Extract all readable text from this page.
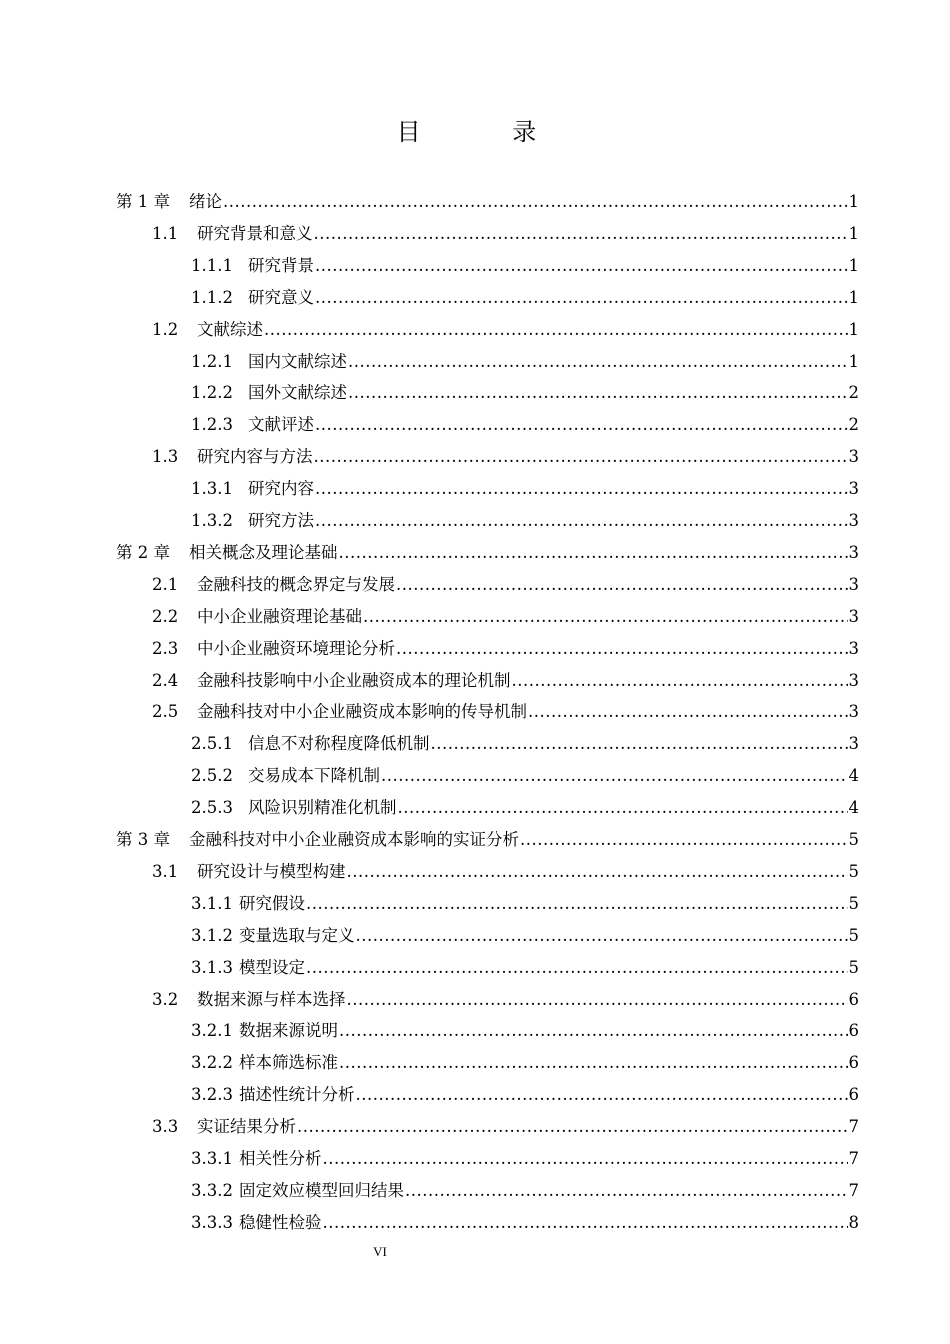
目 录
第 1 章	绪论 .....	1
1.1	研究背景和意义 .....	1
1.1.1 研究背景 .....	1
1.1.2 研究意义 .....	1
1.2	文献综述 .....	1
1.2.1 国内文献综述 .....	1
1.2.2 国外文献综述 .....	2
1.2.3 文献评述 .....	2
1.3	研究内容与方法 .....	3
1.3.1 研究内容 .....	3
1.3.2 研究方法 .....	3
第 2 章	相关概念及理论基础 .....	3
2.1	金融科技的概念界定与发展 .....	3
2.2	中小企业融资理论基础 .....	3
2.3	中小企业融资环境理论分析 .....	3
2.4	金融科技影响中小企业融资成本的理论机制 .....	3
2.5	金融科技对中小企业融资成本影响的传导机制 .....	3
2.5.1 信息不对称程度降低机制 .....	3
2.5.2 交易成本下降机制 .....	4
2.5.3 风险识别精准化机制 .....	4
第 3 章	金融科技对中小企业融资成本影响的实证分析 .....	5
3.1	研究设计与模型构建 .....	5
3.1.1 研究假设 .....	5
3.1.2 变量选取与定义 .....	5
3.1.3 模型设定 .....	5
3.2	数据来源与样本选择 .....	6
3.2.1 数据来源说明 .....	6
3.2.2 样本筛选标准 .....	6
3.2.3 描述性统计分析 .....	6
3.3	实证结果分析 .....	7
3.3.1 相关性分析 .....	7
3.3.2 固定效应模型回归结果 .....	7
3.3.3 稳健性检验 .....	8
VI
